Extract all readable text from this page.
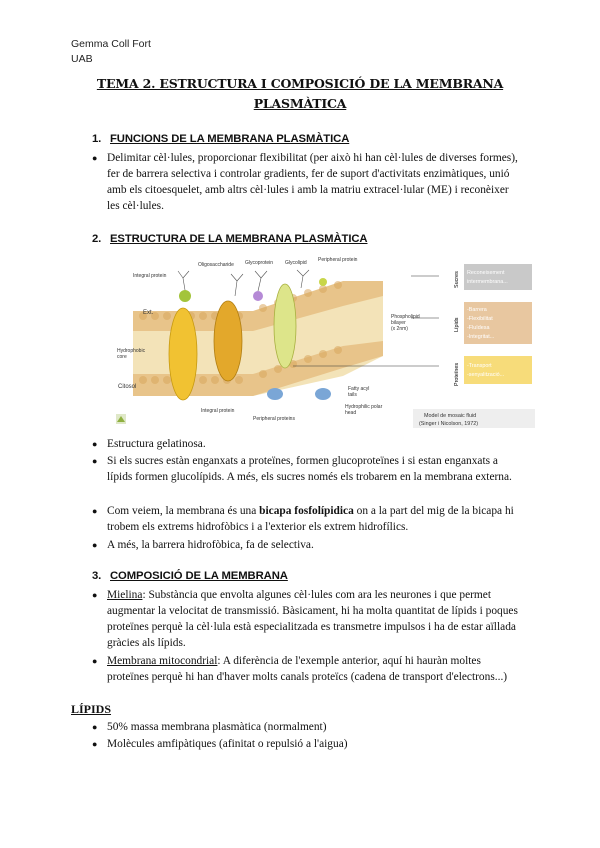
Gemma Coll Fort
UAB
TEMA 2. ESTRUCTURA I COMPOSICIÓ DE LA MEMBRANA PLASMÀTICA
1. FUNCIONS DE LA MEMBRANA PLASMÀTICA
● Delimitar cèl·lules, proporcionar flexibilitat (per això hi han cèl·lules de diverses formes), fer de barrera selectiva i controlar gradients, fer de suport d'activitats enzimàtiques, unió amb els citoesquelet, amb altrs cèl·lules i amb la matriu extracel·lular (ME) i reconèixer les cèl·lules.
2. ESTRUCTURA DE LA MEMBRANA PLASMÀTICA
Oligosaccharide Glycoprotein Glycolipid Peripheral protein
Integral protein
Ext.
Hydrophobic
core
Citosol
Integral protein
Peripheral proteins
Phospholipid
bilayer
(x 2nm)
Fatty acyl
tails
Hydrophilic polar
head
Sucres
Lípids
Proteïnes
Reconeixement
intermembrana...
-Barrera
-Flexibilitat
-Fluïdesa
-Integritat...
-Transport
-senyalització...
Model de mosaic fluid
(Singer i Nicolson, 1972)
● Estructura gelatinosa.
● Si els sucres estàn enganxats a proteïnes, formen glucoproteïnes i si estan enganxats a lípids formen glucolípids. A més, els sucres només els trobarem en la membrana externa.
● Com veiem, la membrana és una bicapa fosfolípidica on a la part del mig de la bicapa hi trobem els extrems hidrofòbics i a l'exterior els extrem hidrofílics.
● A més, la barrera hidrofòbica, fa de selectiva.
3. COMPOSICIÓ DE LA MEMBRANA
● Mielina: Substància que envolta algunes cèl·lules com ara les neurones i que permet augmentar la velocitat de transmissió. Bàsicament, hi ha molta quantitat de lípids i poques proteïnes perquè la cèl·lula està especialitzada es transmetre impulsos i ha de estar aïllada gràcies als lípids.
● Membrana mitocondrial: A diferència de l'exemple anterior, aquí hi hauràn moltes proteïnes perquè hi han d'haver molts canals proteïcs (cadena de transport d'electrons...)
LÍPIDS
● 50% massa membrana plasmàtica (normalment)
● Molècules amfipàtiques (afinitat o repulsió a l'aigua)
